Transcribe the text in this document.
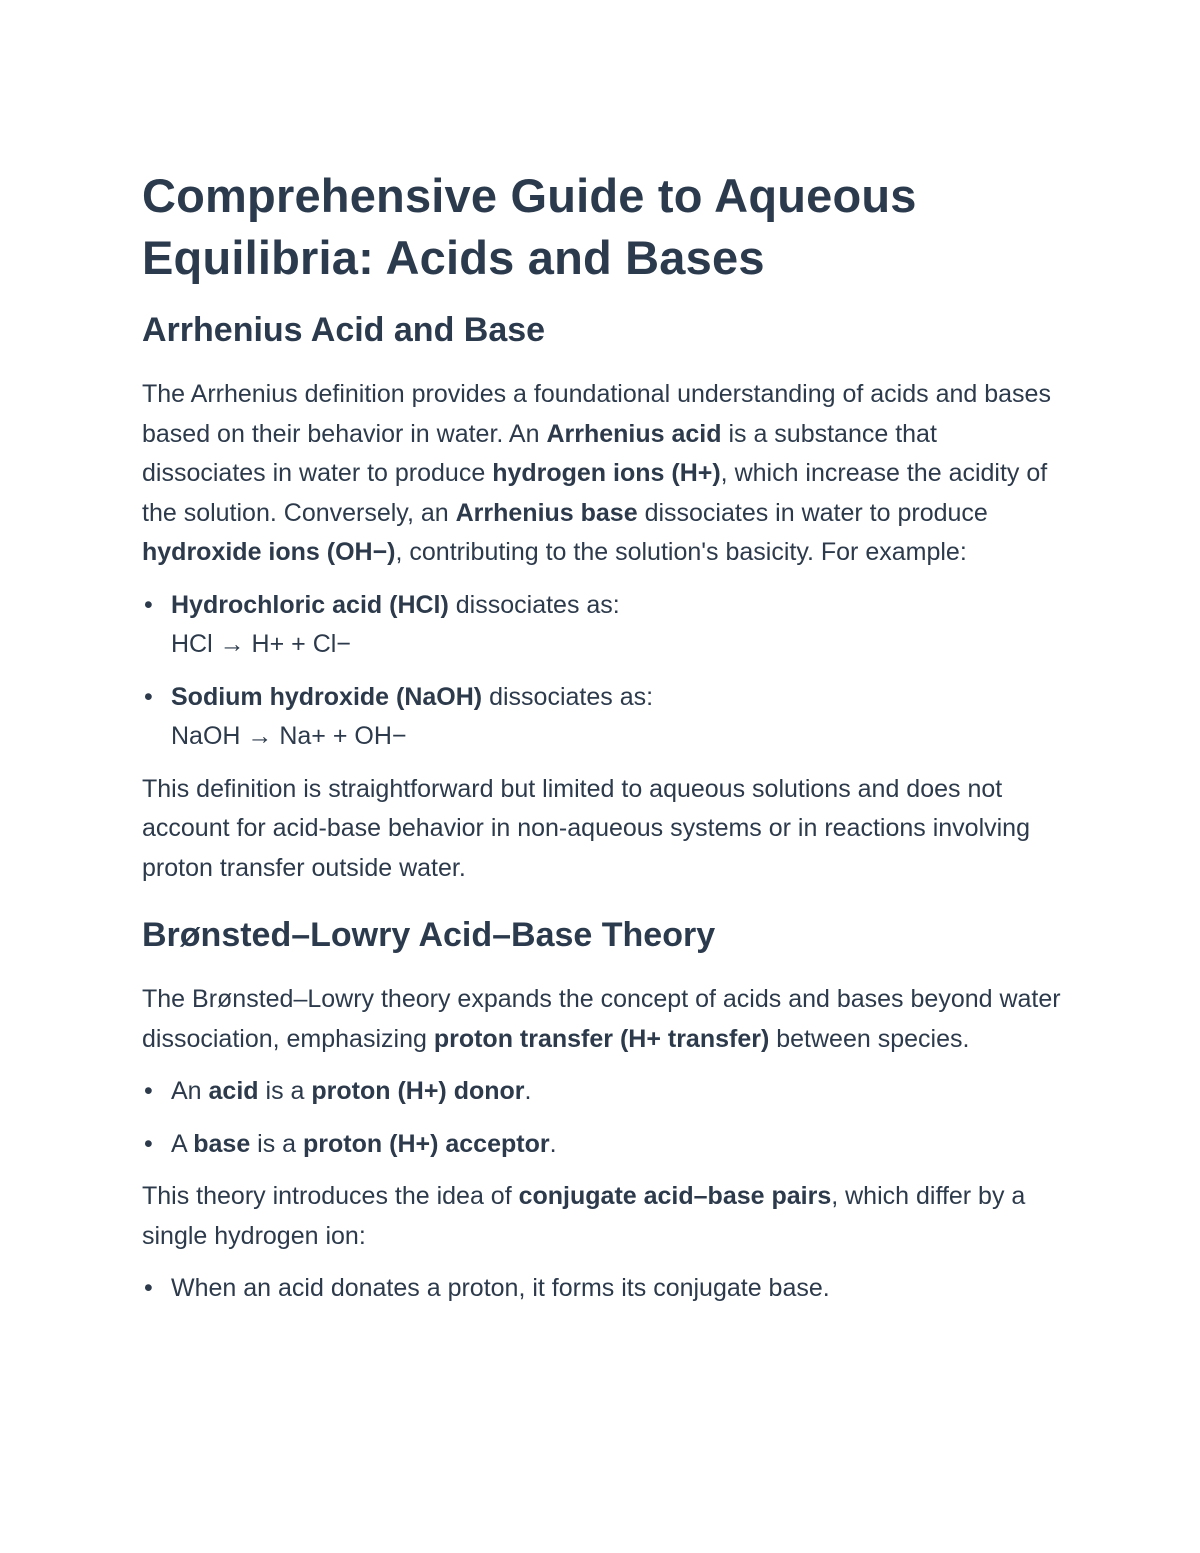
Comprehensive Guide to Aqueous
Equilibria: Acids and Bases
Arrhenius Acid and Base

The Arrhenius definition provides a foundational understanding of acids and bases based on their behavior in water. An Arrhenius acid is a substance that dissociates in water to produce hydrogen ions (H+), which increase the acidity of the solution. Conversely, an Arrhenius base dissociates in water to produce hydroxide ions (OH−), contributing to the solution's basicity. For example:

• Hydrochloric acid (HCl) dissociates as:
HCl → H+ + Cl−
• Sodium hydroxide (NaOH) dissociates as:
NaOH → Na+ + OH−

This definition is straightforward but limited to aqueous solutions and does not account for acid-base behavior in non-aqueous systems or in reactions involving proton transfer outside water.

Brønsted–Lowry Acid–Base Theory

The Brønsted–Lowry theory expands the concept of acids and bases beyond water dissociation, emphasizing proton transfer (H+ transfer) between species.

• An acid is a proton (H+) donor.
• A base is a proton (H+) acceptor.

This theory introduces the idea of conjugate acid–base pairs, which differ by a single hydrogen ion:

• When an acid donates a proton, it forms its conjugate base.
